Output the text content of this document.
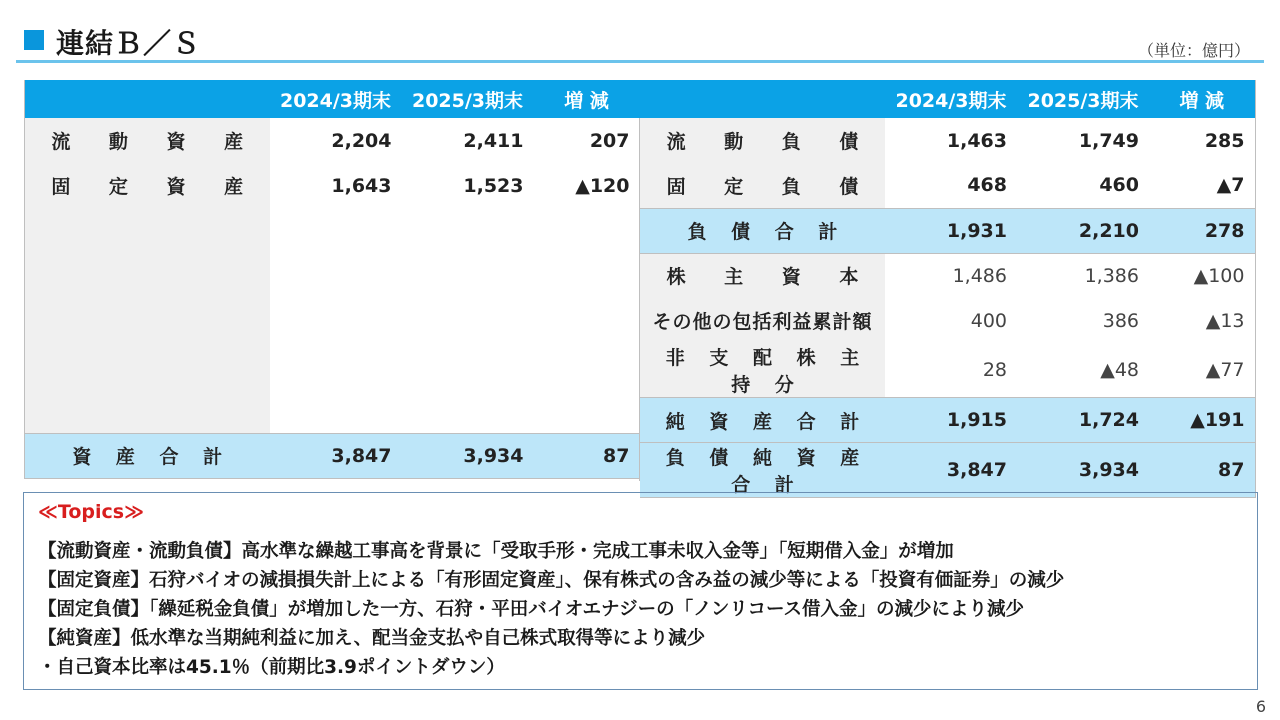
連結Ｂ／Ｓ	（単位：億円）
	2024/3期末	2025/3期末	増 減
流 動 資 産	2,204	2,411	207
固 定 資 産	1,643	1,523	▲120

資 産 合 計	3,847	3,934	87
	2024/3期末	2025/3期末	増 減
流 動 負 債	1,463	1,749	285
固 定 負 債	468	460	▲7
負 債 合 計	1,931	2,210	278
株 主 資 本	1,486	1,386	▲100
その他の包括利益累計額	400	386	▲13
非 支 配 株 主 持 分	28	▲48	▲77
純 資 産 合 計	1,915	1,724	▲191
負 債 純 資 産 合 計	3,847	3,934	87
≪Topics≫
【流動資産・流動負債】高水準な繰越工事高を背景に「受取手形・完成工事未収入金等」「短期借入金」が増加
【固定資産】石狩バイオの減損損失計上による「有形固定資産」、保有株式の含み益の減少等による「投資有価証券」の減少
【固定負債】「繰延税金負債」が増加した一方、石狩・平田バイオエナジーの「ノンリコース借入金」の減少により減少
【純資産】低水準な当期純利益に加え、配当金支払や自己株式取得等により減少
・自己資本比率は45.1％（前期比3.9ポイントダウン）
6
